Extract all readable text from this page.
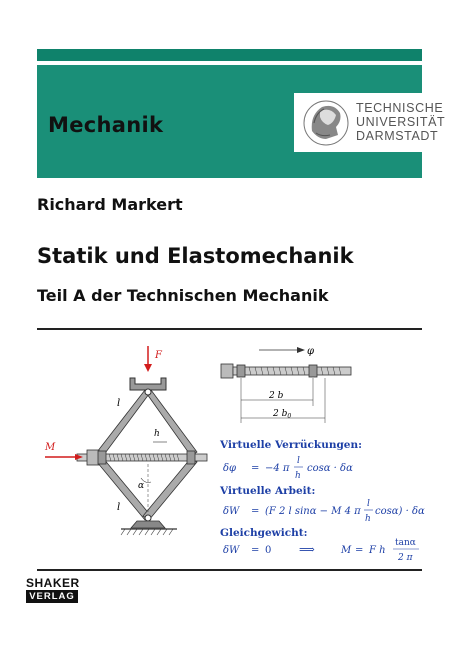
Mechanik
TECHNISCHE
UNIVERSITÄT
DARMSTADT
Richard Markert
Statik und Elastomechanik
Teil A der Technischen Mechanik
F
M
l
l
h
α
φ
2 b
2 $b_0$
Virtuelle Verrückungen:
δφ = −4 π
l
h
cosα · δα
Virtuelle Arbeit:
δW = (F 2 l sinα − M 4 π
l
h
cosα) · δα
Gleichgewicht:
δW = 0	⟹	M = F h
tanα
2 π
SHAKER
VERLAG
